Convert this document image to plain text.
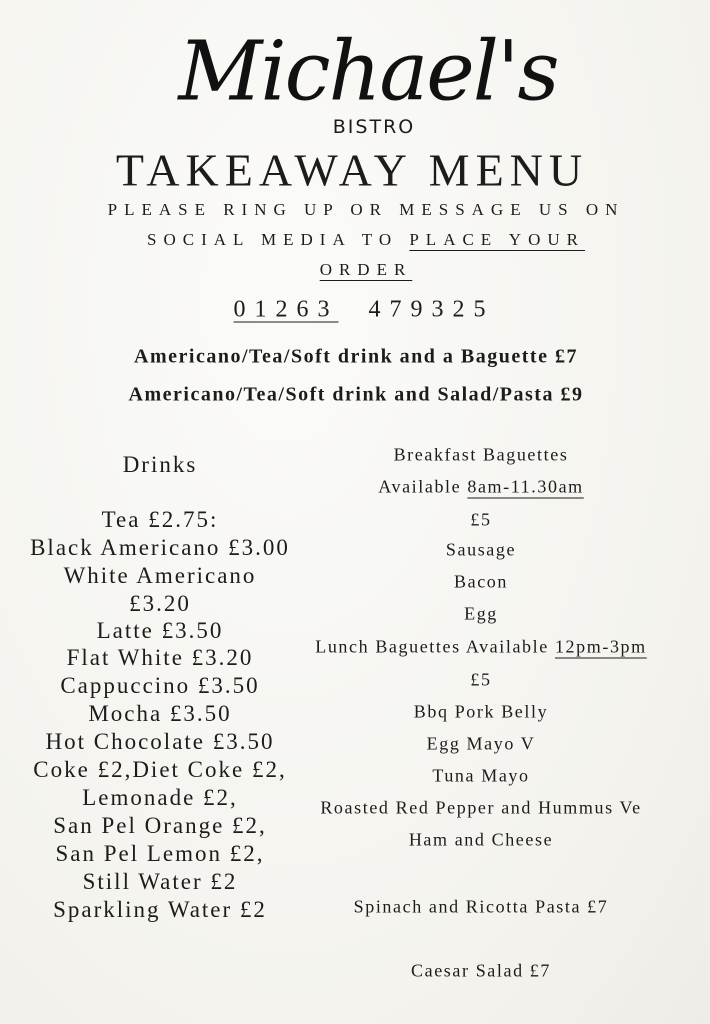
Michael's
BISTRO
TAKEAWAY MENU
PLEASE RING UP OR MESSAGE US ON
SOCIAL MEDIA TO PLACE YOUR
ORDER
01263 479325
Americano/Tea/Soft drink and a Baguette £7
Americano/Tea/Soft drink and Salad/Pasta £9
Drinks
Tea £2.75:
Black Americano £3.00
White Americano
£3.20
Latte £3.50
Flat White £3.20
Cappuccino £3.50
Mocha £3.50
Hot Chocolate £3.50
Coke £2,Diet Coke £2,
Lemonade £2,
San Pel Orange £2,
San Pel Lemon £2,
Still Water £2
Sparkling Water £2
Breakfast Baguettes
Available 8am-11.30am
£5
Sausage
Bacon
Egg
Lunch Baguettes Available 12pm-3pm
£5
Bbq Pork Belly
Egg Mayo V
Tuna Mayo
Roasted Red Pepper and Hummus Ve
Ham and Cheese
Spinach and Ricotta Pasta £7
Caesar Salad £7
